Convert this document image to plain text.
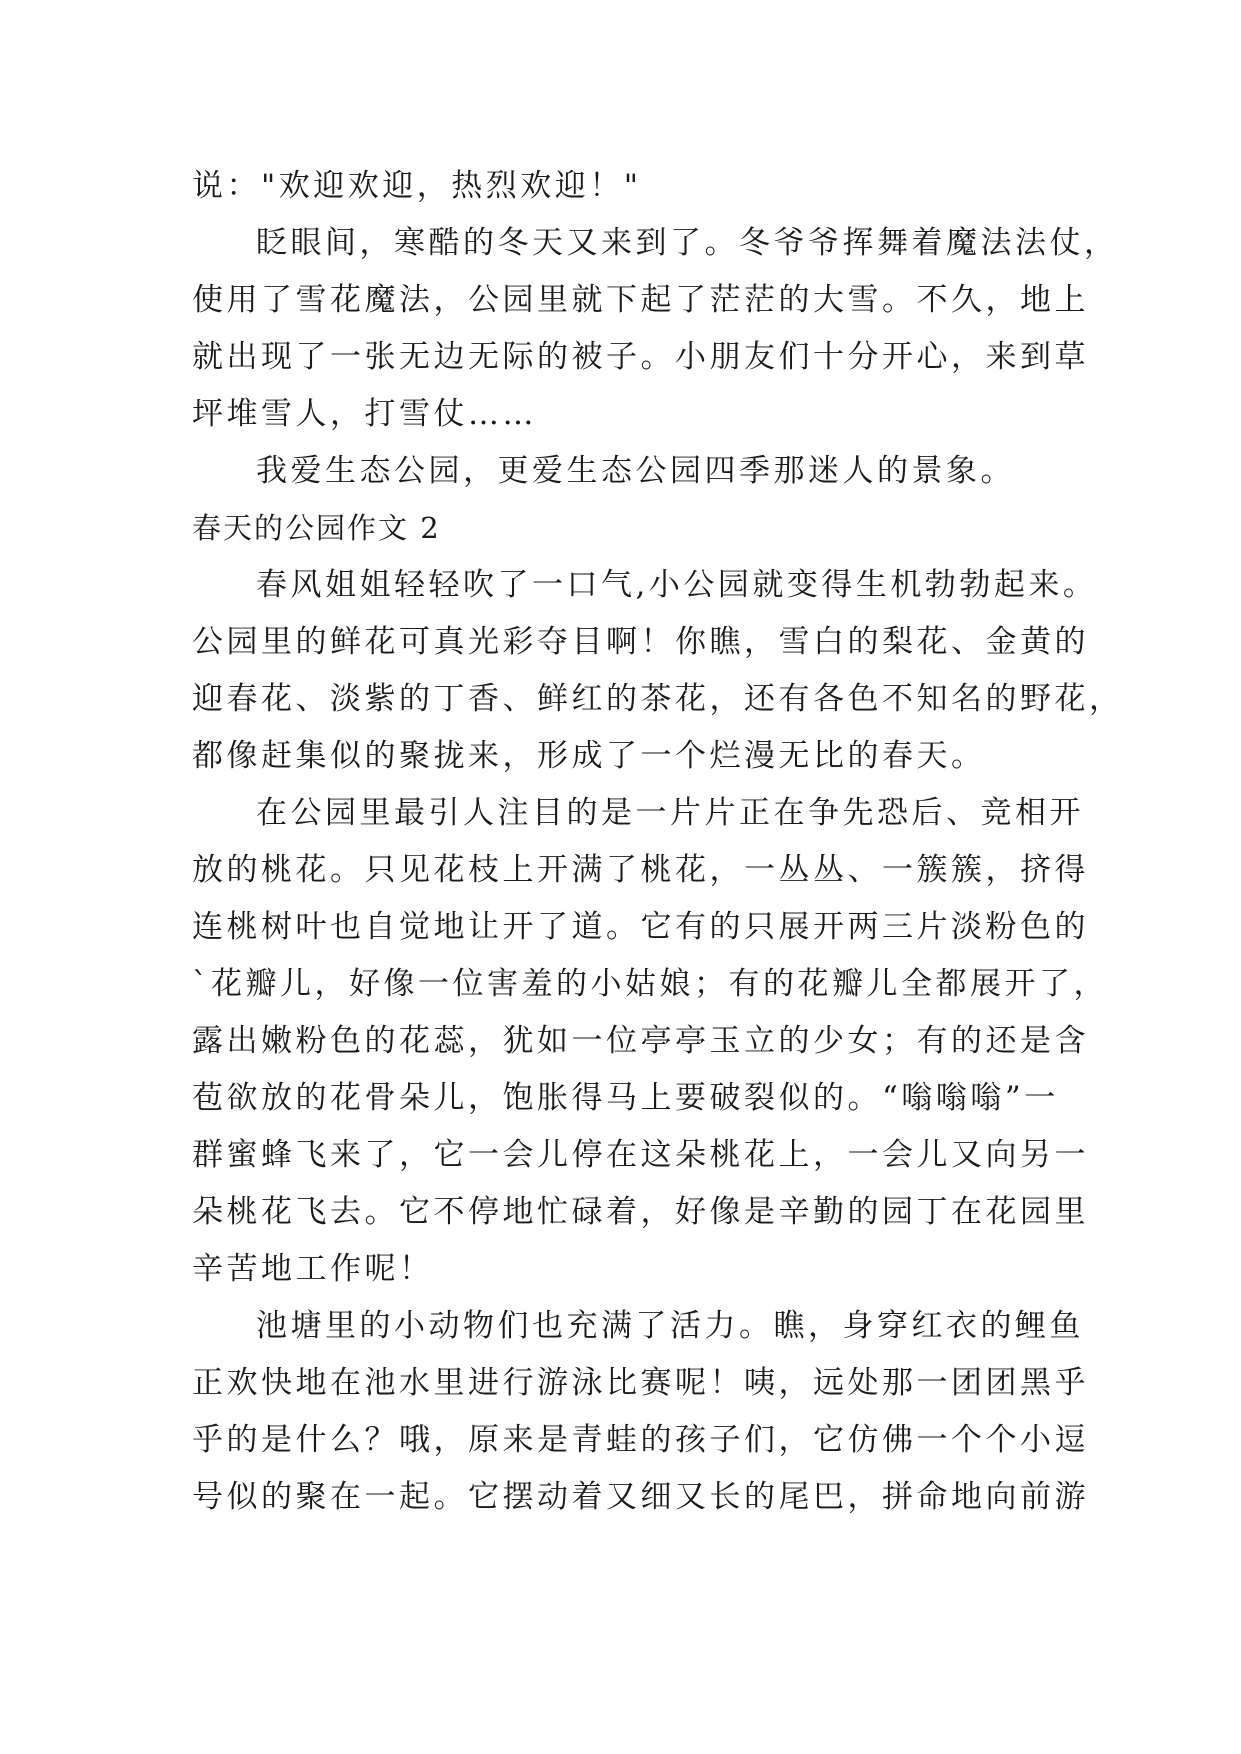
说："欢迎欢迎，热烈欢迎！"
眨眼间，寒酷的冬天又来到了。冬爷爷挥舞着魔法法仗，
使用了雪花魔法，公园里就下起了茫茫的大雪。不久，地上
就出现了一张无边无际的被子。小朋友们十分开心，来到草
坪堆雪人，打雪仗……
我爱生态公园，更爱生态公园四季那迷人的景象。
春天的公园作文 2
春风姐姐轻轻吹了一口气,小公园就变得生机勃勃起来。
公园里的鲜花可真光彩夺目啊！你瞧，雪白的梨花、金黄的
迎春花、淡紫的丁香、鲜红的茶花，还有各色不知名的野花，
都像赶集似的聚拢来，形成了一个烂漫无比的春天。
在公园里最引人注目的是一片片正在争先恐后、竞相开
放的桃花。只见花枝上开满了桃花，一丛丛、一簇簇，挤得
连桃树叶也自觉地让开了道。它有的只展开两三片淡粉色的
`花瓣儿，好像一位害羞的小姑娘；有的花瓣儿全都展开了，
露出嫩粉色的花蕊，犹如一位亭亭玉立的少女；有的还是含
苞欲放的花骨朵儿，饱胀得马上要破裂似的。“嗡嗡嗡”一
群蜜蜂飞来了，它一会儿停在这朵桃花上，一会儿又向另一
朵桃花飞去。它不停地忙碌着，好像是辛勤的园丁在花园里
辛苦地工作呢！
池塘里的小动物们也充满了活力。瞧，身穿红衣的鲤鱼
正欢快地在池水里进行游泳比赛呢！咦，远处那一团团黑乎
乎的是什么？哦，原来是青蛙的孩子们，它仿佛一个个小逗
号似的聚在一起。它摆动着又细又长的尾巴，拼命地向前游
